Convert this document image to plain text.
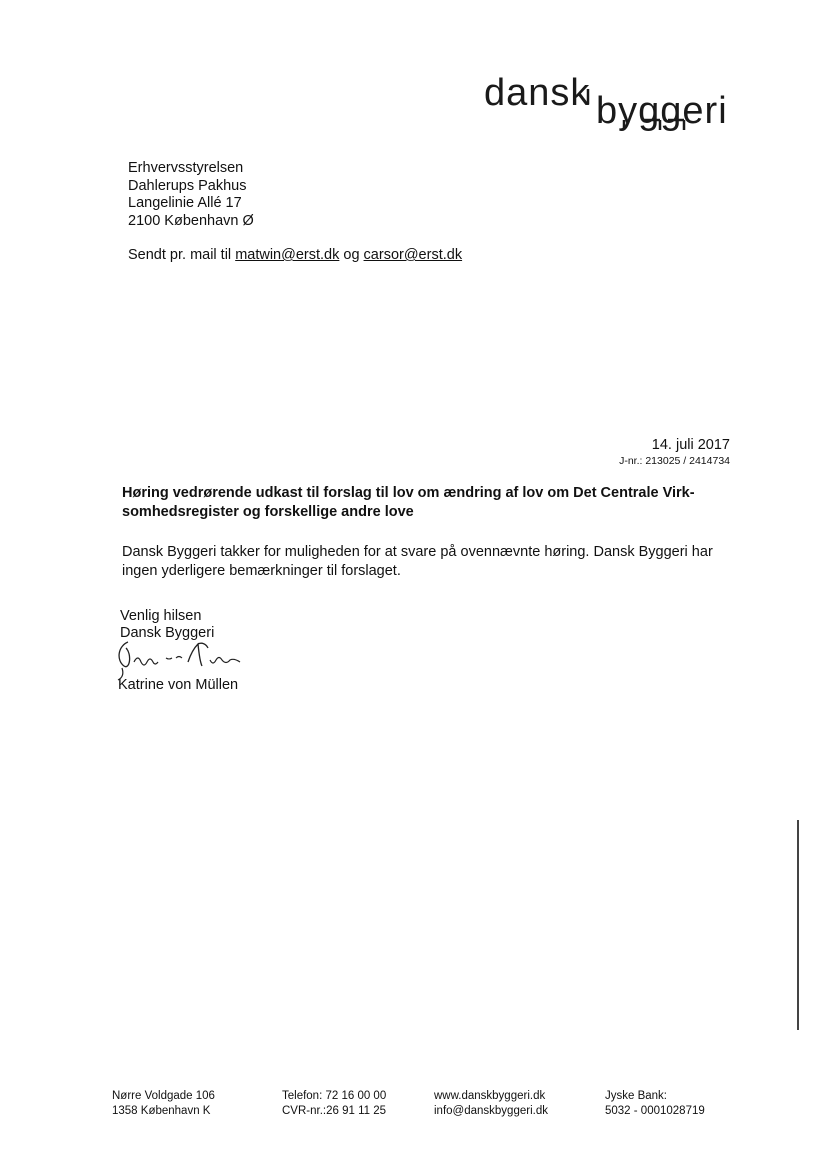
dansk byggeri
Erhvervsstyrelsen
Dahlerups Pakhus
Langelinie Allé 17
2100 København Ø
Sendt pr. mail til matwin@erst.dk og carsor@erst.dk
14. juli 2017
J-nr.: 213025 / 2414734
Høring vedrørende udkast til forslag til lov om ændring af lov om Det Centrale Virk-
somhedsregister og forskellige andre love
Dansk Byggeri takker for muligheden for at svare på ovennævnte høring. Dansk Byggeri har
ingen yderligere bemærkninger til forslaget.
Venlig hilsen
Dansk Byggeri
Katrine von Müllen
Nørre Voldgade 106
1358 København K
Telefon: 72 16 00 00
CVR-nr.:26 91 11 25
www.danskbyggeri.dk
info@danskbyggeri.dk
Jyske Bank:
5032 - 0001028719
